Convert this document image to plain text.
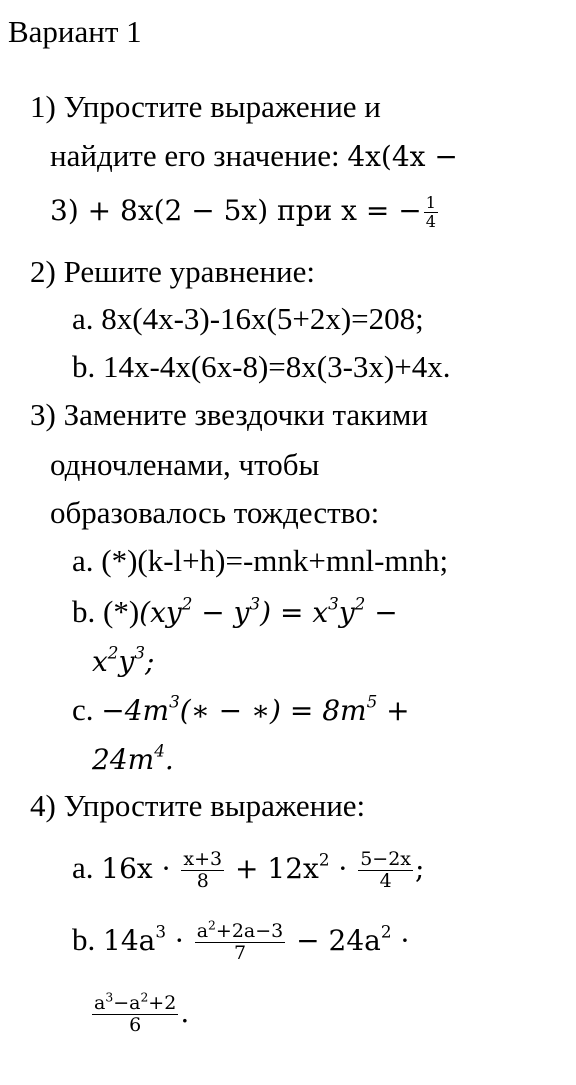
Вариант 1
1) Упростите выражение и
найдите его значение: 4x(4x −
3) + 8x(2 − 5x) при x = − $\frac{1}{4}$
2) Решите уравнение:
a. 8x(4x-3)-16x(5+2x)=208;
b. 14x-4x(6x-8)=8x(3-3x)+4x.
3) Замените звездочки такими
одночленами, чтобы
образовалось тождество:
a. (*)(k-l+h)=-mnk+mnl-mnh;
b. $(*)(xy^2 - y^3) = x^3y^2$ −
$x^2y^3$;
c. $-4m^3(∗$ − ∗) = $8m^5$ +
$24m^4$.
4) Упростите выражение:
a. $16x \cdot \frac{x+3}{8} + 12x^2 \cdot \frac{5-2x}{4}$ ;
b. $14a^3 \cdot \frac{a^2+2a-3}{7} - 24a^2$ ·
$\frac{a^3-a^2+2}{6}$ .
